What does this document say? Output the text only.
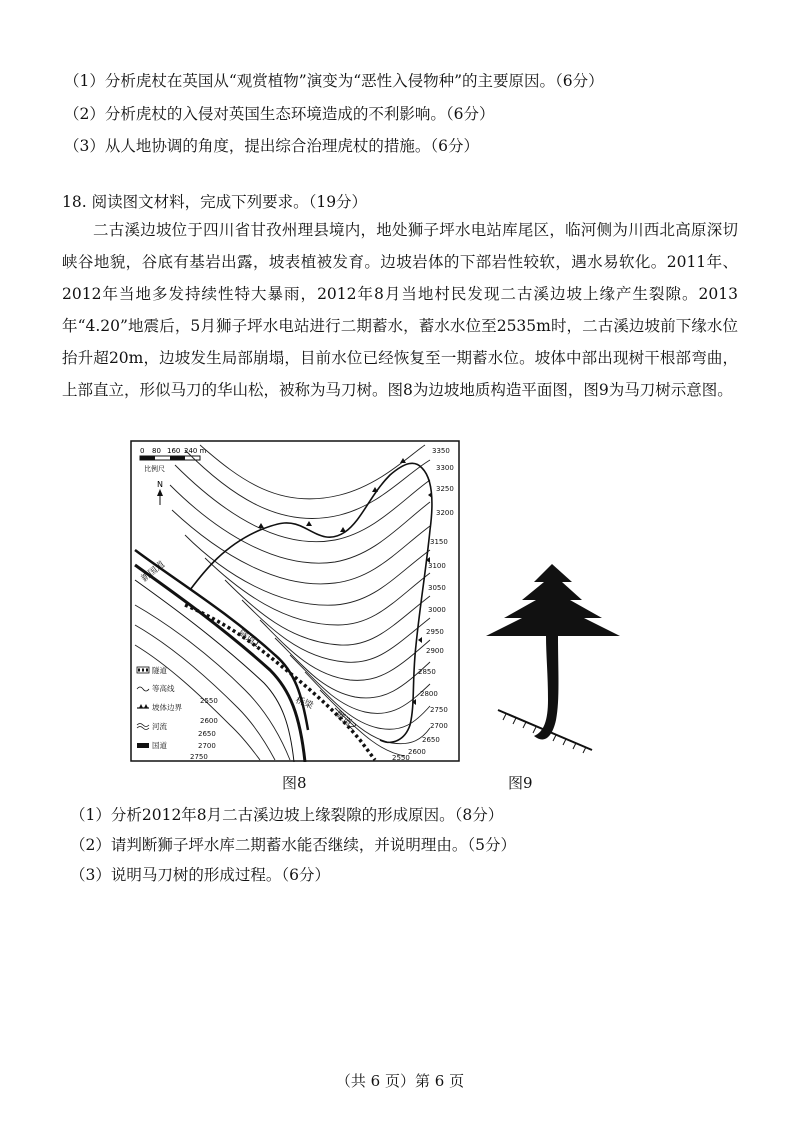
（1）分析虎杖在英国从“观赏植物”演变为“恶性入侵物种”的主要原因。（6分）
（2）分析虎杖的入侵对英国生态环境造成的不利影响。（6分）
（3）从人地协调的角度，提出综合治理虎杖的措施。（6分）
18. 阅读图文材料，完成下列要求。（19分）

二古溪边坡位于四川省甘孜州理县境内，地处狮子坪水电站库尾区，临河侧为川西北高原深切峡谷地貌，谷底有基岩出露，坡表植被发育。边坡岩体的下部岩性较软，遇水易软化。2011年、2012年当地多发持续性特大暴雨，2012年8月当地村民发现二古溪边坡上缘产生裂隙。2013年“4.20”地震后，5月狮子坪水电站进行二期蓄水，蓄水水位至2535m时，二古溪边坡前下缘水位抬升超20m，边坡发生局部崩塌，目前水位已经恢复至一期蓄水位。坡体中部出现树干根部弯曲，上部直立，形似马刀的华山松，被称为马刀树。图8为边坡地质构造平面图，图9为马刀树示意图。

0 80 160 240 m
比例尺
N
3350
3300
3250
3200
3150
3100
3050
3000
2950
2900
2850
2800
2750
2700
2650
2600
2550
2550
2600
2650
2700
2750
新国道
隧道1
桥梁
隧道2
隧道
等高线
坡体边界
河流
国道
图8	图9
（1）分析2012年8月二古溪边坡上缘裂隙的形成原因。（8分）
（2）请判断狮子坪水库二期蓄水能否继续，并说明理由。（5分）
（3）说明马刀树的形成过程。（6分）
（共 6 页）第 6 页
